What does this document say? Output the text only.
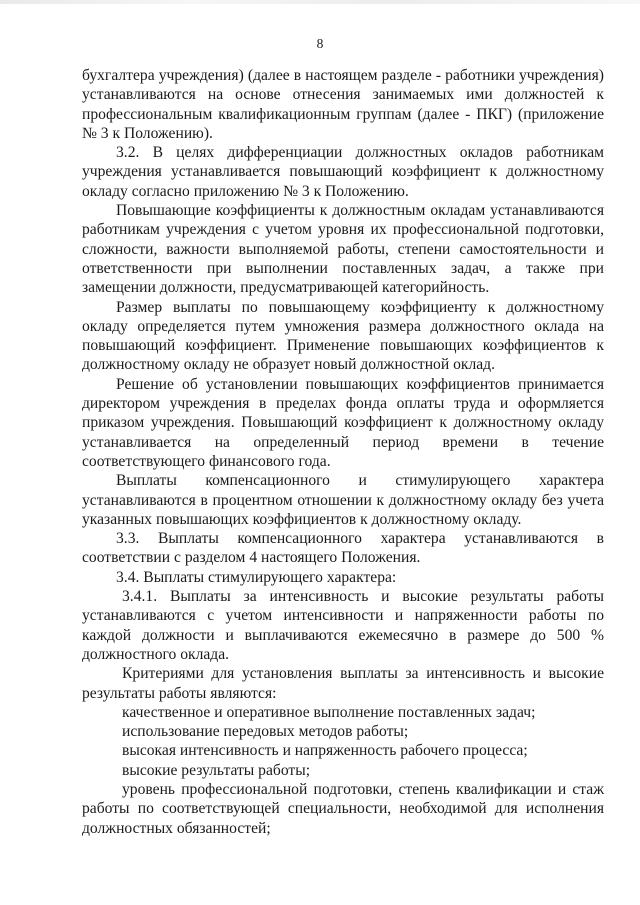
8

бухгалтера учреждения) (далее в настоящем разделе - работники учреждения) устанавливаются на основе отнесения занимаемых ими должностей к профессиональным квалификационным группам (далее - ПКГ) (приложение № 3 к Положению).

3.2. В целях дифференциации должностных окладов работникам учреждения устанавливается повышающий коэффициент к должностному окладу согласно приложению № 3 к Положению.

Повышающие коэффициенты к должностным окладам устанавливаются работникам учреждения с учетом уровня их профессиональной подготовки, сложности, важности выполняемой работы, степени самостоятельности и ответственности при выполнении поставленных задач, а также при замещении должности, предусматривающей категорийность.

Размер выплаты по повышающему коэффициенту к должностному окладу определяется путем умножения размера должностного оклада на повышающий коэффициент. Применение повышающих коэффициентов к должностному окладу не образует новый должностной оклад.

Решение об установлении повышающих коэффициентов принимается директором учреждения в пределах фонда оплаты труда и оформляется приказом учреждения. Повышающий коэффициент к должностному окладу устанавливается на определенный период времени в течение соответствующего финансового года.

Выплаты компенсационного и стимулирующего характера устанавливаются в процентном отношении к должностному окладу без учета указанных повышающих коэффициентов к должностному окладу.

3.3. Выплаты компенсационного характера устанавливаются в соответствии с разделом 4 настоящего Положения.

3.4. Выплаты стимулирующего характера:

3.4.1. Выплаты за интенсивность и высокие результаты работы устанавливаются с учетом интенсивности и напряженности работы по каждой должности и выплачиваются ежемесячно в размере до 500 % должностного оклада.

Критериями для установления выплаты за интенсивность и высокие результаты работы являются:

качественное и оперативное выполнение поставленных задач;

использование передовых методов работы;

высокая интенсивность и напряженность рабочего процесса;

высокие результаты работы;

уровень профессиональной подготовки, степень квалификации и стаж работы по соответствующей специальности, необходимой для исполнения должностных обязанностей;
